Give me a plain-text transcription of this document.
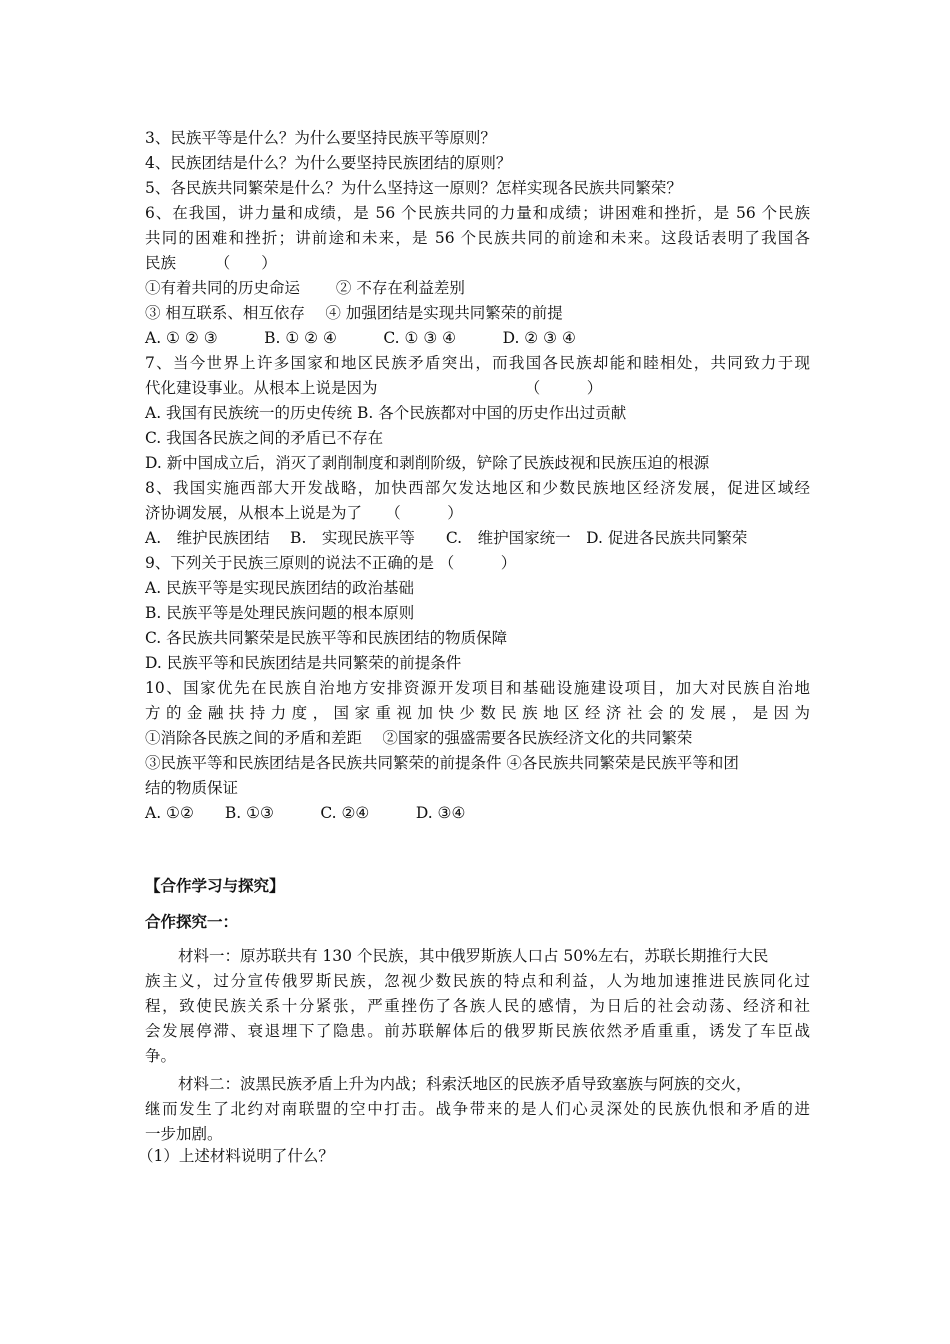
3、民族平等是什么？为什么要坚持民族平等原则？
4、民族团结是什么？为什么要坚持民族团结的原则？
5、各民族共同繁荣是什么？为什么坚持这一原则？怎样实现各民族共同繁荣？
6、在我国，讲力量和成绩，是 56 个民族共同的力量和成绩；讲困难和挫折，是 56 个民族
共同的困难和挫折；讲前途和未来，是 56 个民族共同的前途和未来。这段话表明了我国各
民族　　　（　　）
①有着共同的历史命运　　 ② 不存在利益差别
③ 相互联系、相互依存　 ④ 加强团结是实现共同繁荣的前提
A. ① ② ③　　　B. ① ② ④　　　C. ① ③ ④　　　D. ② ③ ④
7、当今世界上许多国家和地区民族矛盾突出，而我国各民族却能和睦相处，共同致力于现
代化建设事业。从根本上说是因为　　　　　　　　　　（　　　）
A. 我国有民族统一的历史传统 B. 各个民族都对中国的历史作出过贡献
C. 我国各民族之间的矛盾已不存在
D. 新中国成立后，消灭了剥削制度和剥削阶级，铲除了民族歧视和民族压迫的根源
8、我国实施西部大开发战略，加快西部欠发达地区和少数民族地区经济发展，促进区域经
济协调发展，从根本上说是为了　　（　　　）
A.　维护民族团结　 B.　实现民族平等　　C.　维护国家统一　D. 促进各民族共同繁荣
9、下列关于民族三原则的说法不正确的是 （　　　）
A. 民族平等是实现民族团结的政治基础
B. 民族平等是处理民族问题的根本原则
C. 各民族共同繁荣是民族平等和民族团结的物质保障
D. 民族平等和民族团结是共同繁荣的前提条件
10、国家优先在民族自治地方安排资源开发项目和基础设施建设项目，加大对民族自治地
方的金融扶持力度，国家重视加快少数民族地区经济社会的发展，是因为
①消除各民族之间的矛盾和差距　 ②国家的强盛需要各民族经济文化的共同繁荣
③民族平等和民族团结是各民族共同繁荣的前提条件 ④各民族共同繁荣是民族平等和团
结的物质保证
A. ①②　　B. ①③　　　C. ②④　　　D. ③④
【合作学习与探究】
合作探究一：
材料一：原苏联共有 130 个民族，其中俄罗斯族人口占 50%左右，苏联长期推行大民
族主义，过分宣传俄罗斯民族，忽视少数民族的特点和利益，人为地加速推进民族同化过
程，致使民族关系十分紧张，严重挫伤了各族人民的感情，为日后的社会动荡、经济和社
会发展停滞、衰退埋下了隐患。前苏联解体后的俄罗斯民族依然矛盾重重，诱发了车臣战
争。
材料二：波黑民族矛盾上升为内战；科索沃地区的民族矛盾导致塞族与阿族的交火，
继而发生了北约对南联盟的空中打击。战争带来的是人们心灵深处的民族仇恨和矛盾的进
一步加剧。
（1）上述材料说明了什么？
